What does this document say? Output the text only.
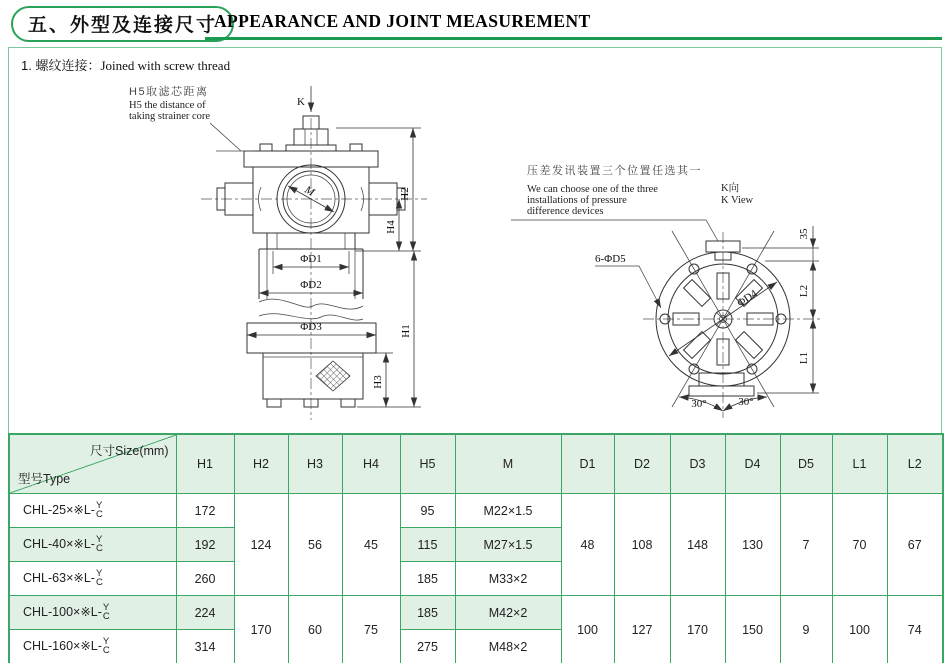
五、外型及连接尺寸
APPEARANCE AND JOINT MEASUREMENT
1. 螺纹连接：Joined with screw thread
K
M
ΦD1
ΦD2
ΦD3
H2
H4
H1
H3
H5取滤芯距离
H5 the distance of
taking strainer core
压差发讯装置三个位置任选其一
We can choose one of the three
installations of pressure
difference devices
K向
K View
ΦD4
6-ΦD5
35
L2
L1
30°	30°
尺寸Size(mm)
型号Type	H1	H2	H3	H4	H5	M	D1	D2	D3	D4	D5	L1	L2
CHL-25×※L- Y
C	172	124	56	45	95	M22×1.5	48	108	148	130	7	70	67
CHL-40×※L- Y
C	192				115	M27×1.5							
CHL-63×※L- Y
C	260				185	M33×2							
CHL-100×※L- Y
C	224	170	60	75	185	M42×2	100	127	170	150	9	100	74
CHL-160×※L- Y
C	314				275	M48×2							
